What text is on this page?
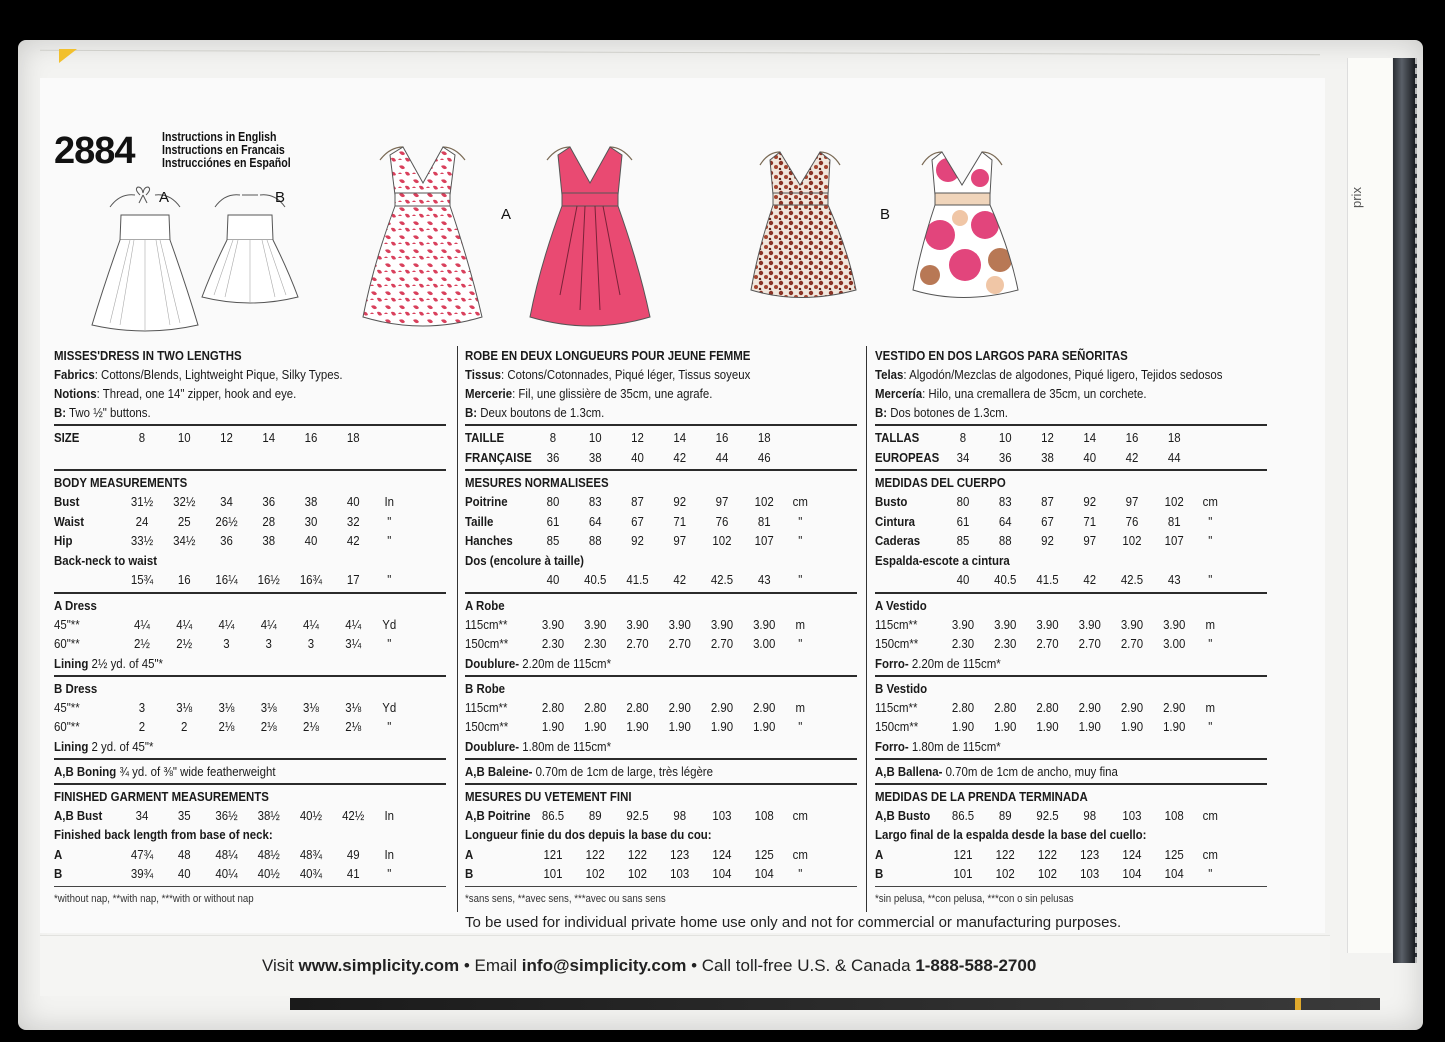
prix
2884 Instructions in English
Instructions en Francais
Instrucciónes en Español
A	B
A	B
MISSES'DRESS IN TWO LENGTHS
Fabrics: Cottons/Blends, Lightweight Pique, Silky Types.
Notions: Thread, one 14" zipper, hook and eye.
B: Two ½" buttons.
SIZE	8	10	12	14	16	18
BODY MEASUREMENTS
Bust	31½	32½	34	36	38	40	In
Waist	24	25	26½	28	30	32	"
Hip	33½	34½	36	38	40	42	"
Back-neck to waist
15¾	16	16¼	16½	16¾	17	"
A Dress
45"**	4¼	4¼	4¼	4¼	4¼	4¼	Yd
60"**	2½	2½	3	3	3	3¼	"
Lining 2½ yd. of 45"*
B Dress
45"**	3	3⅛	3⅛	3⅛	3⅛	3⅛	Yd
60"**	2	2	2⅛	2⅛	2⅛	2⅛	"
Lining 2 yd. of 45"*
A,B Boning ¾ yd. of ⅜" wide featherweight
FINISHED GARMENT MEASUREMENTS
A,B Bust	34	35	36½	38½	40½	42½	In
Finished back length from base of neck:
A	47¾	48	48¼	48½	48¾	49	In
B	39¾	40	40¼	40½	40¾	41	"
*without nap, **with nap, ***with or without nap
ROBE EN DEUX LONGUEURS POUR JEUNE FEMME
Tissus: Cotons/Cotonnades, Piqué léger, Tissus soyeux
Mercerie: Fil, une glissière de 35cm, une agrafe.
B: Deux boutons de 1.3cm.
TAILLE	8	10	12	14	16	18
FRANÇAISE	36	38	40	42	44	46
MESURES NORMALISEES
Poitrine	80	83	87	92	97	102	cm
Taille	61	64	67	71	76	81	"
Hanches	85	88	92	97	102	107	"
Dos (encolure à taille)
40	40.5	41.5	42	42.5	43	"
A Robe
115cm**	3.90	3.90	3.90	3.90	3.90	3.90	m
150cm**	2.30	2.30	2.70	2.70	2.70	3.00	"
Doublure- 2.20m de 115cm*
B Robe
115cm**	2.80	2.80	2.80	2.90	2.90	2.90	m
150cm**	1.90	1.90	1.90	1.90	1.90	1.90	"
Doublure- 1.80m de 115cm*
A,B Baleine- 0.70m de 1cm de large, très légère
MESURES DU VETEMENT FINI
A,B Poitrine 86.5	89	92.5	98	103	108	cm
Longueur finie du dos depuis la base du cou:
A	121	122	122	123	124	125	cm
B	101	102	102	103	104	104	"
*sans sens, **avec sens, ***avec ou sans sens
VESTIDO EN DOS LARGOS PARA SEÑORITAS
Telas: Algodón/Mezclas de algodones, Piqué ligero, Tejidos sedosos
Mercería: Hilo, una cremallera de 35cm, un corchete.
B: Dos botones de 1.3cm.
TALLAS	8	10	12	14	16	18
EUROPEAS	34	36	38	40	42	44
MEDIDAS DEL CUERPO
Busto	80	83	87	92	97	102	cm
Cintura	61	64	67	71	76	81	"
Caderas	85	88	92	97	102	107	"
Espalda-escote a cintura
40	40.5	41.5	42	42.5	43	"
A Vestido
115cm**	3.90	3.90	3.90	3.90	3.90	3.90	m
150cm**	2.30	2.30	2.70	2.70	2.70	3.00	"
Forro- 2.20m de 115cm*
B Vestido
115cm**	2.80	2.80	2.80	2.90	2.90	2.90	m
150cm**	1.90	1.90	1.90	1.90	1.90	1.90	"
Forro- 1.80m de 115cm*
A,B Ballena- 0.70m de 1cm de ancho, muy fina
MEDIDAS DE LA PRENDA TERMINADA
A,B Busto	86.5	89	92.5	98	103	108	cm
Largo final de la espalda desde la base del cuello:
A	121	122	122	123	124	125	cm
B	101	102	102	103	104	104	"
*sin pelusa, **con pelusa, ***con o sin pelusas
To be used for individual private home use only and not for commercial or manufacturing purposes.
Visit www.simplicity.com • Email info@simplicity.com • Call toll-free U.S. & Canada 1-888-588-2700
